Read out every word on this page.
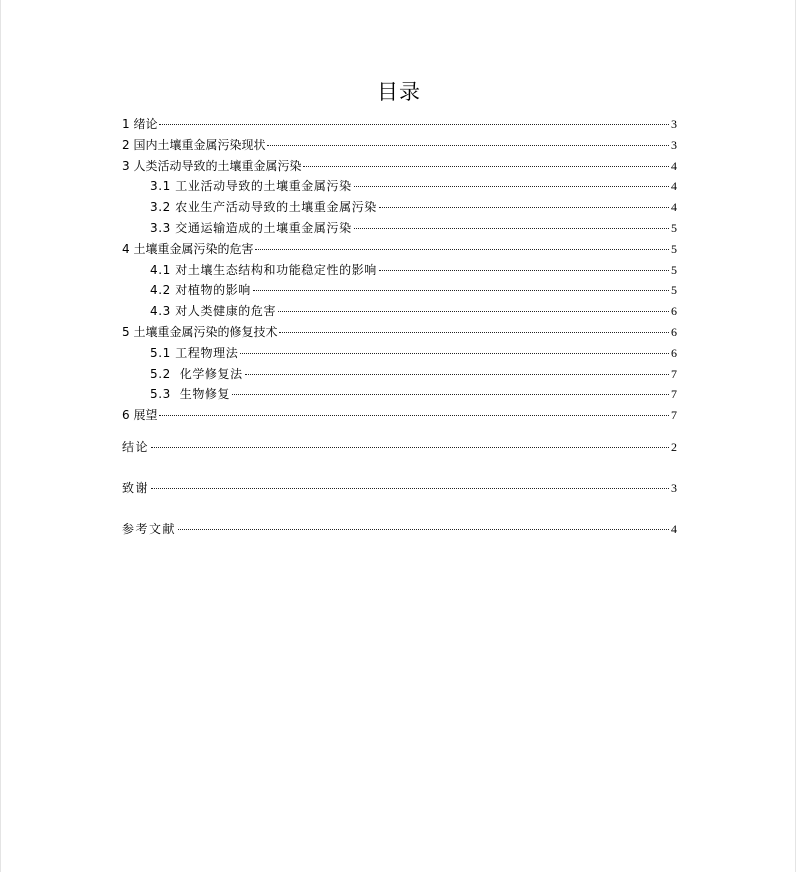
目录
1 绪论	3
2 国内土壤重金属污染现状	3
3 人类活动导致的土壤重金属污染	4
3.1 工业活动导致的土壤重金属污染	4
3.2 农业生产活动导致的土壤重金属污染	4
3.3 交通运输造成的土壤重金属污染	5
4 土壤重金属污染的危害	5
4.1 对土壤生态结构和功能稳定性的影响	5
4.2 对植物的影响	5
4.3 对人类健康的危害	6
5 土壤重金属污染的修复技术	6
5.1 工程物理法	6
5.2  化学修复法	7
5.3  生物修复	7
6 展望	7
结论	2
致谢	3
参考文献	4
